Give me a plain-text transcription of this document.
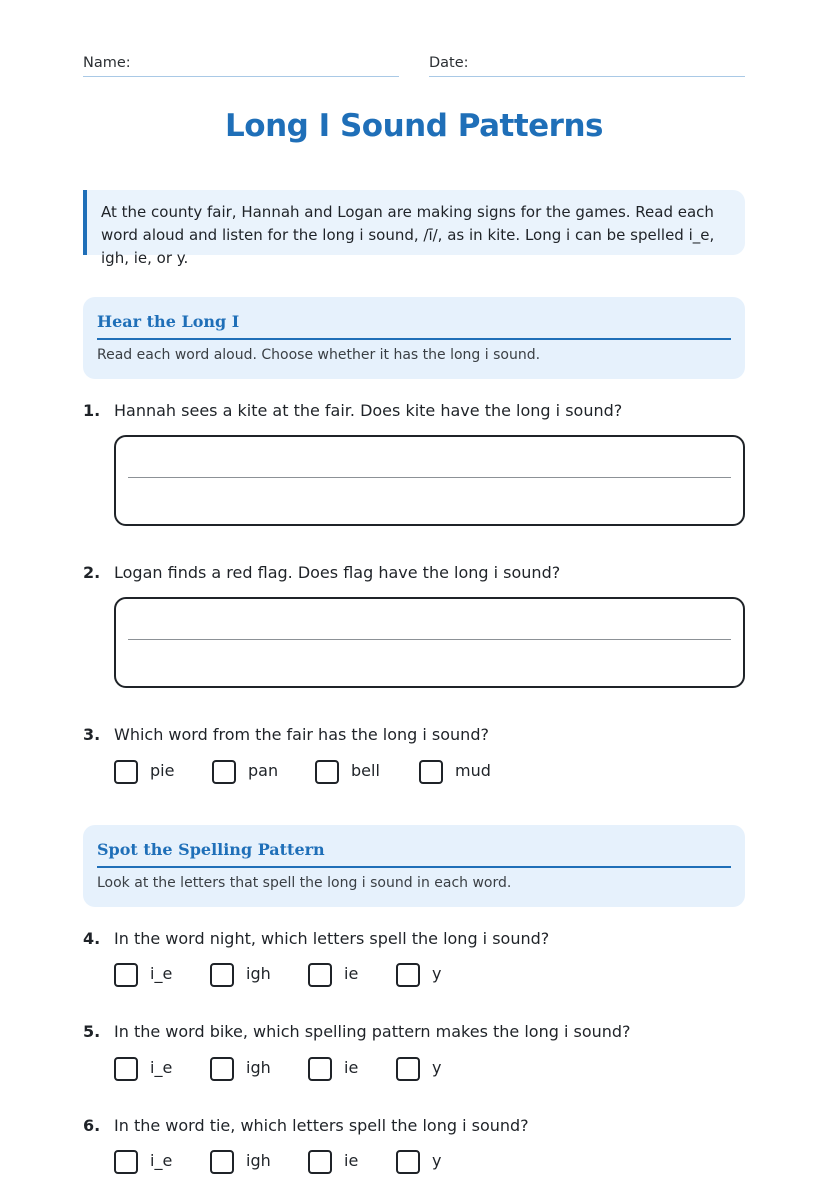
Name:	Date:
Long I Sound Patterns
At the county fair, Hannah and Logan are making signs for the games. Read each word aloud and listen for the long i sound, /ī/, as in kite. Long i can be spelled i_e, igh, ie, or y.
Hear the Long I
Read each word aloud. Choose whether it has the long i sound.
1. Hannah sees a kite at the fair. Does kite have the long i sound?
2. Logan finds a red flag. Does flag have the long i sound?
3. Which word from the fair has the long i sound?
pie	pan	bell	mud
Spot the Spelling Pattern
Look at the letters that spell the long i sound in each word.
4. In the word night, which letters spell the long i sound?
i_e	igh	ie	y
5. In the word bike, which spelling pattern makes the long i sound?
i_e	igh	ie	y
6. In the word tie, which letters spell the long i sound?
i_e	igh	ie	y
